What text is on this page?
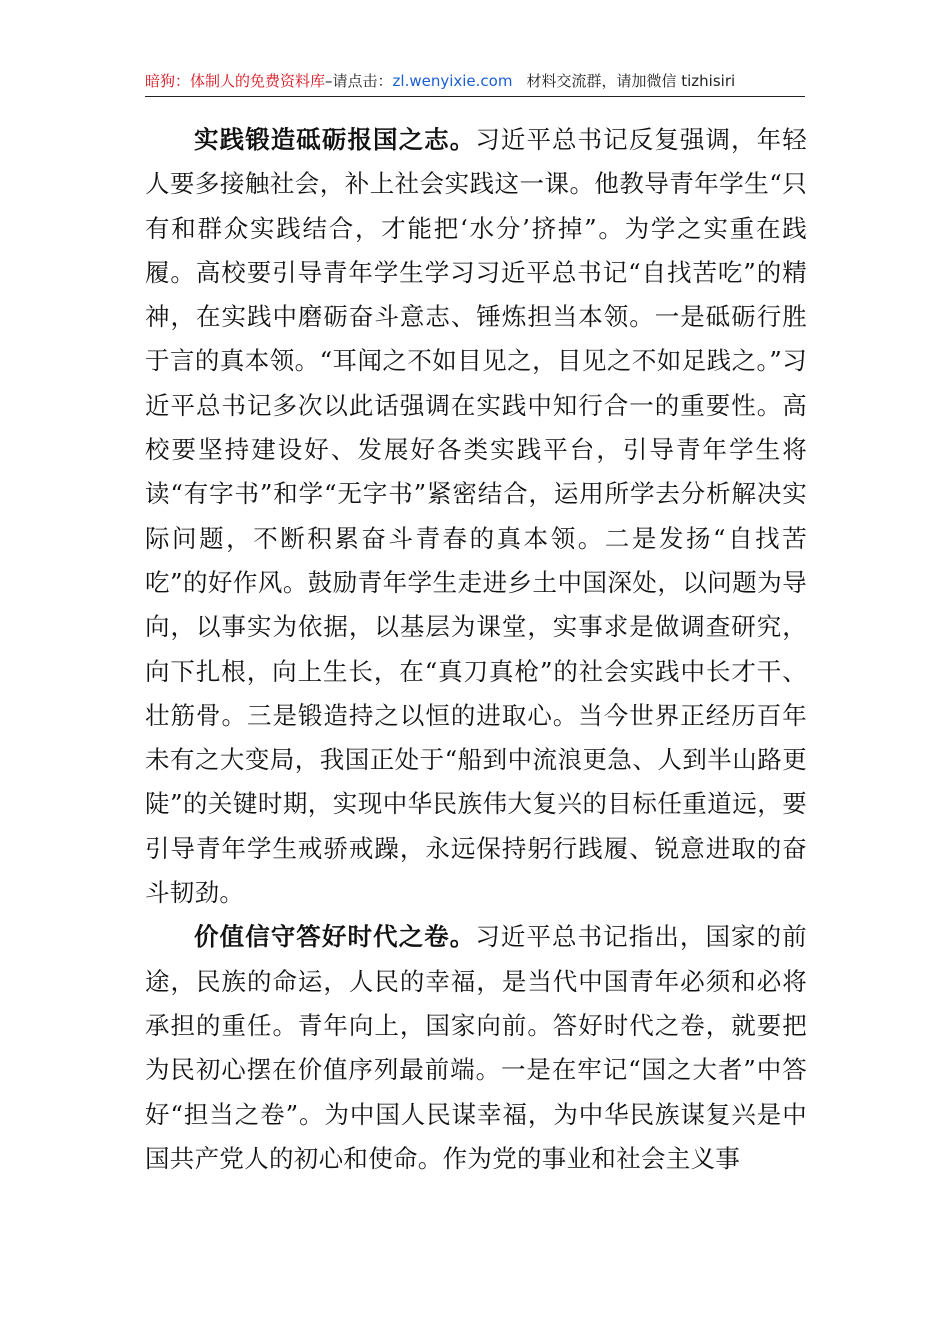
暗狗：体制人的免费资料库–请点击：zl.wenyixie.com 材料交流群，请加微信 tizhisiri

实践锻造砥砺报国之志。习近平总书记反复强调，年轻人要多接触社会，补上社会实践这一课。他教导青年学生“只有和群众实践结合，才能把‘水分’挤掉”。为学之实重在践履。高校要引导青年学生学习习近平总书记“自找苦吃”的精神，在实践中磨砺奋斗意志、锤炼担当本领。一是砥砺行胜于言的真本领。“耳闻之不如目见之，目见之不如足践之。”习近平总书记多次以此话强调在实践中知行合一的重要性。高校要坚持建设好、发展好各类实践平台，引导青年学生将读“有字书”和学“无字书”紧密结合，运用所学去分析解决实际问题，不断积累奋斗青春的真本领。二是发扬“自找苦吃”的好作风。鼓励青年学生走进乡土中国深处，以问题为导向，以事实为依据，以基层为课堂，实事求是做调查研究，向下扎根，向上生长，在“真刀真枪”的社会实践中长才干、壮筋骨。三是锻造持之以恒的进取心。当今世界正经历百年未有之大变局，我国正处于“船到中流浪更急、人到半山路更陡”的关键时期，实现中华民族伟大复兴的目标任重道远，要引导青年学生戒骄戒躁，永远保持躬行践履、锐意进取的奋斗韧劲。

价值信守答好时代之卷。习近平总书记指出，国家的前途，民族的命运，人民的幸福，是当代中国青年必须和必将承担的重任。青年向上，国家向前。答好时代之卷，就要把为民初心摆在价值序列最前端。一是在牢记“国之大者”中答好“担当之卷”。为中国人民谋幸福，为中华民族谋复兴是中国共产党人的初心和使命。作为党的事业和社会主义事
